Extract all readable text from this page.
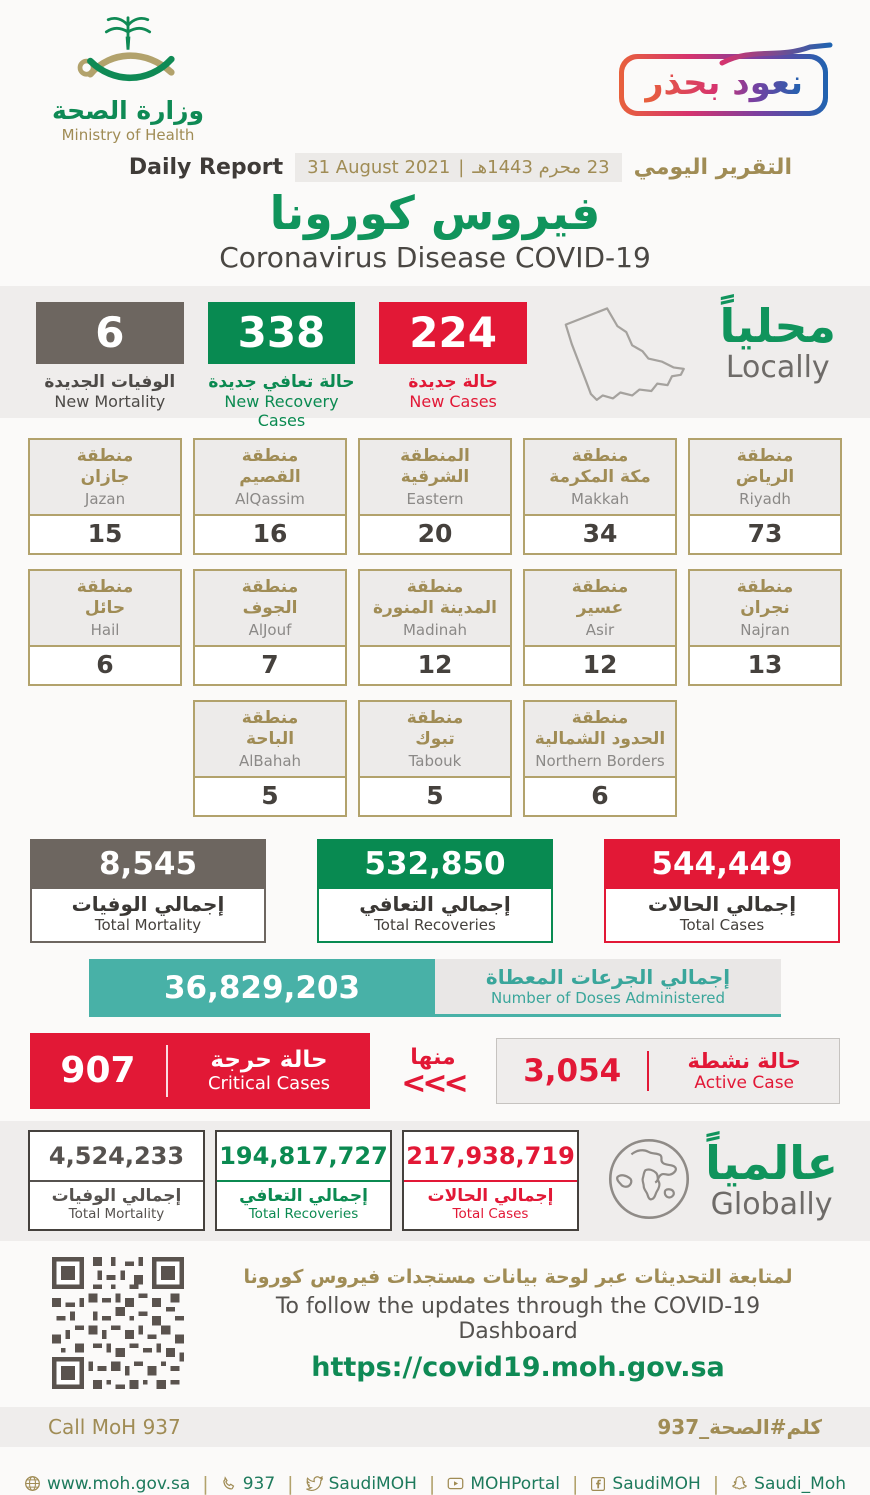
وزارة الصحة
Ministry of Health
نعود بحذر
Daily Report 31 August 2021 | 23 محرم 1443هـ التقرير اليومي
فيروس كورونا
Coronavirus Disease COVID-19
6
الوفيات الجديدة
New Mortality
338
حالة تعافي جديدة
New Recovery Cases
224
حالة جديدة
New Cases
محلياً
Locally
منطقة
جازان
Jazan
15
منطقة
القصيم
AlQassim
16
المنطقة
الشرقية
Eastern
20
منطقة
مكة المكرمة
Makkah
34
منطقة
الرياض
Riyadh
73
منطقة
حائل
Hail
6
منطقة
الجوف
AlJouf
7
منطقة
المدينة المنورة
Madinah
12
منطقة
عسير
Asir
12
منطقة
نجران
Najran
13
منطقة
الباحة
AlBahah
5
منطقة
تبوك
Tabouk
5
منطقة
الحدود الشمالية
Northern Borders
6
8,545
إجمالي الوفيات
Total Mortality
532,850
إجمالي التعافي
Total Recoveries
544,449
إجمالي الحالات
Total Cases
36,829,203	إجمالي الجرعات المعطاة
Number of Doses Administered
907	حالة حرجة
Critical Cases
منها
<<<	3,054	حالة نشطة
Active Case
4,524,233
إجمالي الوفيات
Total Mortality
194,817,727
إجمالي التعافي
Total Recoveries
217,938,719
إجمالي الحالات
Total Cases
عالمياً
Globally
لمتابعة التحديثات عبر لوحة بيانات مستجدات فيروس كورونا
To follow the updates through the COVID-19 Dashboard
https://covid19.moh.gov.sa
Call MoH 937	كلم#الصحة_937
www.moh.gov.sa | 937 | SaudiMOH | MOHPortal | SaudiMOH | Saudi_Moh
